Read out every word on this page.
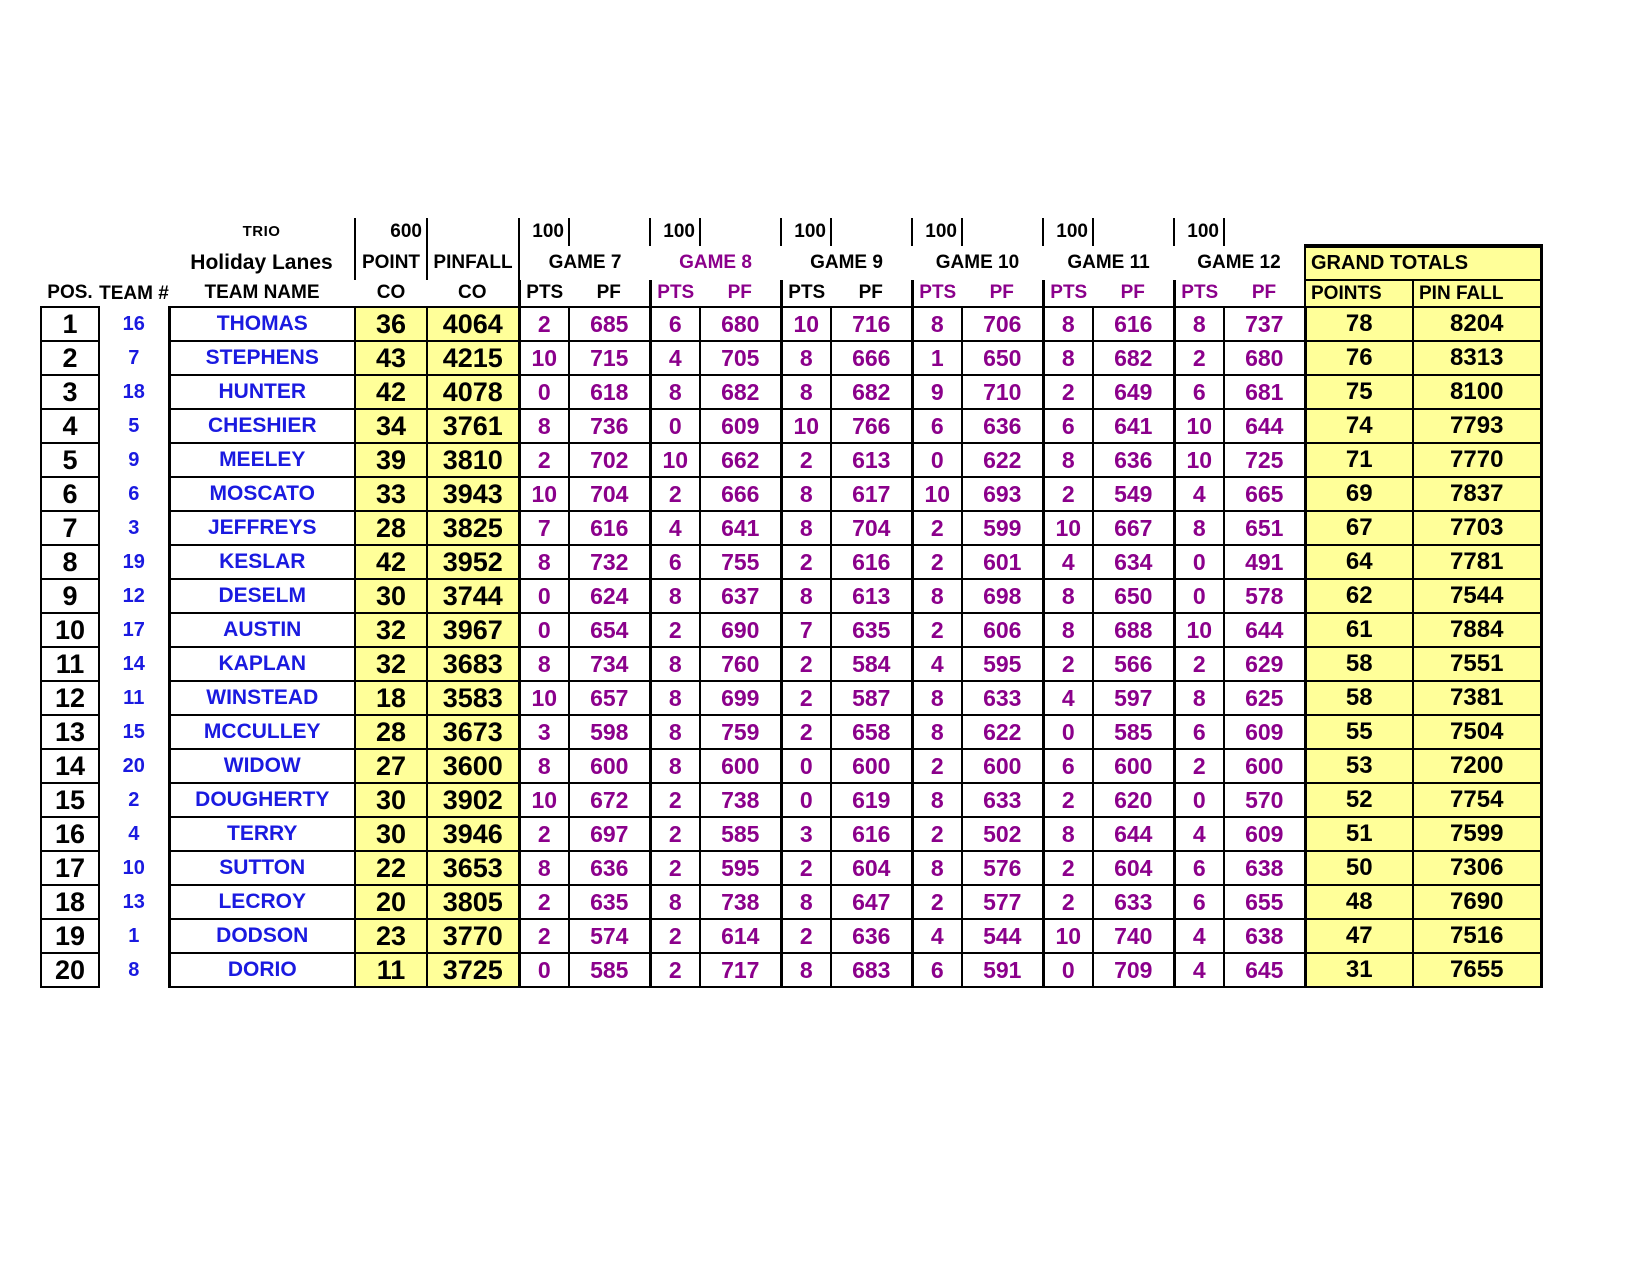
		TRIO	600		100		100		100		100		100		100			
		Holiday Lanes	POINT	PINFALL	GAME 7		GAME 8		GAME 9		GAME 10		GAME 11		GAME 12		GRAND TOTALS	
POS.	TEAM #	TEAM NAME	CO	CO	PTS	PF	PTS	PF	PTS	PF	PTS	PF	PTS	PF	PTS	PF	POINTS	PIN FALL
1	16	THOMAS	36	4064	2	685	6	680	10	716	8	706	8	616	8	737	78	8204
2	7	STEPHENS	43	4215	10	715	4	705	8	666	1	650	8	682	2	680	76	8313
3	18	HUNTER	42	4078	0	618	8	682	8	682	9	710	2	649	6	681	75	8100
4	5	CHESHIER	34	3761	8	736	0	609	10	766	6	636	6	641	10	644	74	7793
5	9	MEELEY	39	3810	2	702	10	662	2	613	0	622	8	636	10	725	71	7770
6	6	MOSCATO	33	3943	10	704	2	666	8	617	10	693	2	549	4	665	69	7837
7	3	JEFFREYS	28	3825	7	616	4	641	8	704	2	599	10	667	8	651	67	7703
8	19	KESLAR	42	3952	8	732	6	755	2	616	2	601	4	634	0	491	64	7781
9	12	DESELM	30	3744	0	624	8	637	8	613	8	698	8	650	0	578	62	7544
10	17	AUSTIN	32	3967	0	654	2	690	7	635	2	606	8	688	10	644	61	7884
11	14	KAPLAN	32	3683	8	734	8	760	2	584	4	595	2	566	2	629	58	7551
12	11	WINSTEAD	18	3583	10	657	8	699	2	587	8	633	4	597	8	625	58	7381
13	15	MCCULLEY	28	3673	3	598	8	759	2	658	8	622	0	585	6	609	55	7504
14	20	WIDOW	27	3600	8	600	8	600	0	600	2	600	6	600	2	600	53	7200
15	2	DOUGHERTY	30	3902	10	672	2	738	0	619	8	633	2	620	0	570	52	7754
16	4	TERRY	30	3946	2	697	2	585	3	616	2	502	8	644	4	609	51	7599
17	10	SUTTON	22	3653	8	636	2	595	2	604	8	576	2	604	6	638	50	7306
18	13	LECROY	20	3805	2	635	8	738	8	647	2	577	2	633	6	655	48	7690
19	1	DODSON	23	3770	2	574	2	614	2	636	4	544	10	740	4	638	47	7516
20	8	DORIO	11	3725	0	585	2	717	8	683	6	591	0	709	4	645	31	7655
